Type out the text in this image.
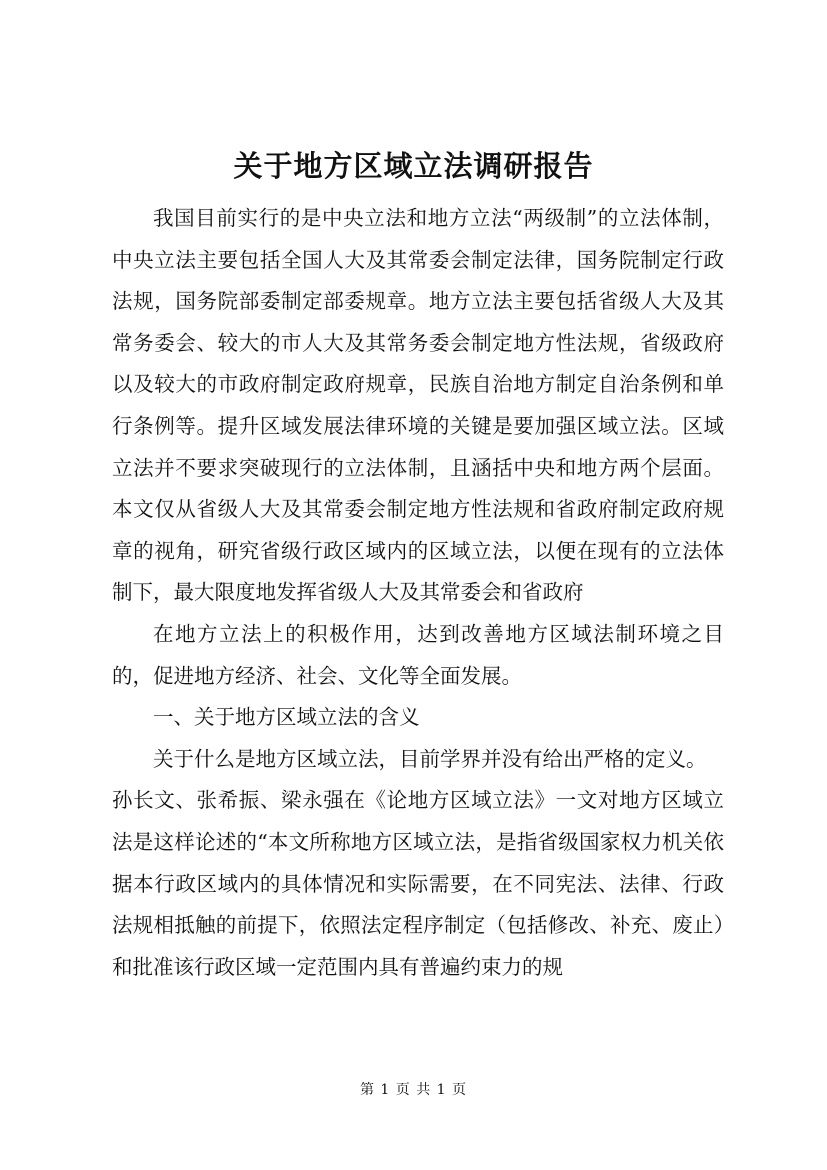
关于地方区域立法调研报告

我国目前实行的是中央立法和地方立法“两级制”的立法体制，中央立法主要包括全国人大及其常委会制定法律，国务院制定行政法规，国务院部委制定部委规章。地方立法主要包括省级人大及其常务委会、较大的市人大及其常务委会制定地方性法规，省级政府以及较大的市政府制定政府规章，民族自治地方制定自治条例和单行条例等。提升区域发展法律环境的关键是要加强区域立法。区域立法并不要求突破现行的立法体制，且涵括中央和地方两个层面。本文仅从省级人大及其常委会制定地方性法规和省政府制定政府规章的视角，研究省级行政区域内的区域立法，以便在现有的立法体制下，最大限度地发挥省级人大及其常委会和省政府

在地方立法上的积极作用，达到改善地方区域法制环境之目的，促进地方经济、社会、文化等全面发展。

一、关于地方区域立法的含义

关于什么是地方区域立法，目前学界并没有给出严格的定义。

孙长文、张希振、梁永强在《论地方区域立法》一文对地方区域立法是这样论述的“本文所称地方区域立法，是指省级国家权力机关依据本行政区域内的具体情况和实际需要，在不同宪法、法律、行政法规相抵触的前提下，依照法定程序制定（包括修改、补充、废止）和批准该行政区域一定范围内具有普遍约束力的规

第 1 页 共 1 页
